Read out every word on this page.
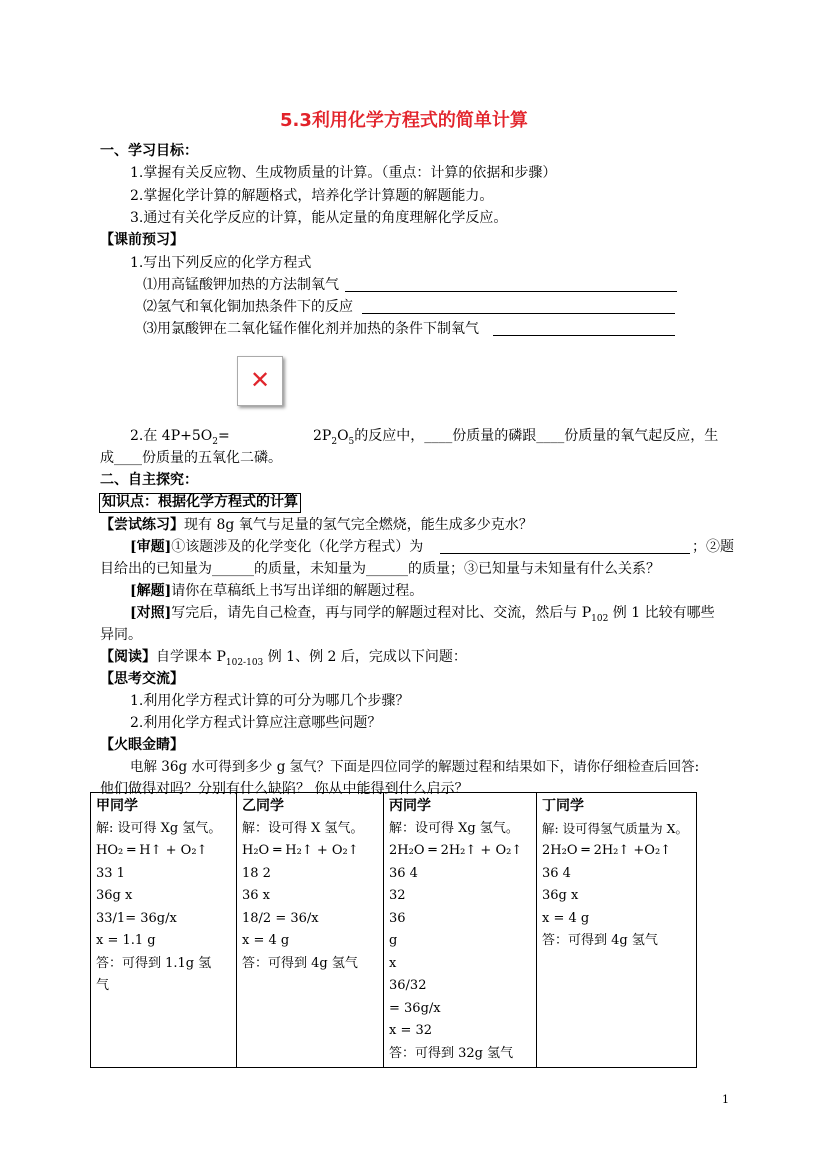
5.3利用化学方程式的简单计算
一、学习目标：
1.掌握有关反应物、生成物质量的计算。（重点：计算的依据和步骤）
2.掌握化学计算的解题格式，培养化学计算题的解题能力。
3.通过有关化学反应的计算，能从定量的角度理解化学反应。
【课前预习】
1.写出下列反应的化学方程式
⑴用高锰酸钾加热的方法制氧气
⑵氢气和氧化铜加热条件下的反应
⑶用氯酸钾在二氧化锰作催化剂并加热的条件下制氧气
✕
2.在 $4P+5O_2=$	$2P_2O_5$的反应中，____份质量的磷跟____份质量的氧气起反应，生
成____份质量的五氧化二磷。
二、自主探究：
知识点：根据化学方程式的计算
【尝试练习】现有 8g 氧气与足量的氢气完全燃烧，能生成多少克水？
[审题]①该题涉及的化学变化（化学方程式）为	；②题
目给出的已知量为______的质量，未知量为______的质量；③已知量与未知量有什么关系？
[解题]请你在草稿纸上书写出详细的解题过程。
[对照]写完后，请先自己检查，再与同学的解题过程对比、交流，然后与 $P_{102}$ 例 1 比较有哪些
异同。
【阅读】自学课本 $P_{102-103}$ 例 1、例 2 后，完成以下问题：
【思考交流】
1.利用化学方程式计算的可分为哪几个步骤？
2.利用化学方程式计算应注意哪些问题？
【火眼金睛】
电解 36g 水可得到多少 g 氢气？下面是四位同学的解题过程和结果如下，请你仔细检查后回答:
他们做得对吗？分别有什么缺陷？ 你从中能得到什么启示？
甲同学
解: 设可得 Xg 氢气。
HO₂ ═ H↑ + O₂↑
33 1
36g x
33/1= 36g/x
x = 1.1 g
答：可得到 1.1g 氢
气

乙同学
解：设可得 X 氢气。
H₂O ═ H₂↑ + O₂↑
18 2
36 x
18/2 = 36/x
x = 4 g
答：可得到 4g 氢气

丙同学
解：设可得 Xg 氢气。
2H₂O ═ 2H₂↑ + O₂↑
36 4
32
36
g
x
36/32
= 36g/x
x = 32
答：可得到 32g 氢气

丁同学
解: 设可得氢气质量为 X。
2H₂O ═ 2H₂↑ +O₂↑
36 4
36g x
x = 4 g
答：可得到 4g 氢气
1
